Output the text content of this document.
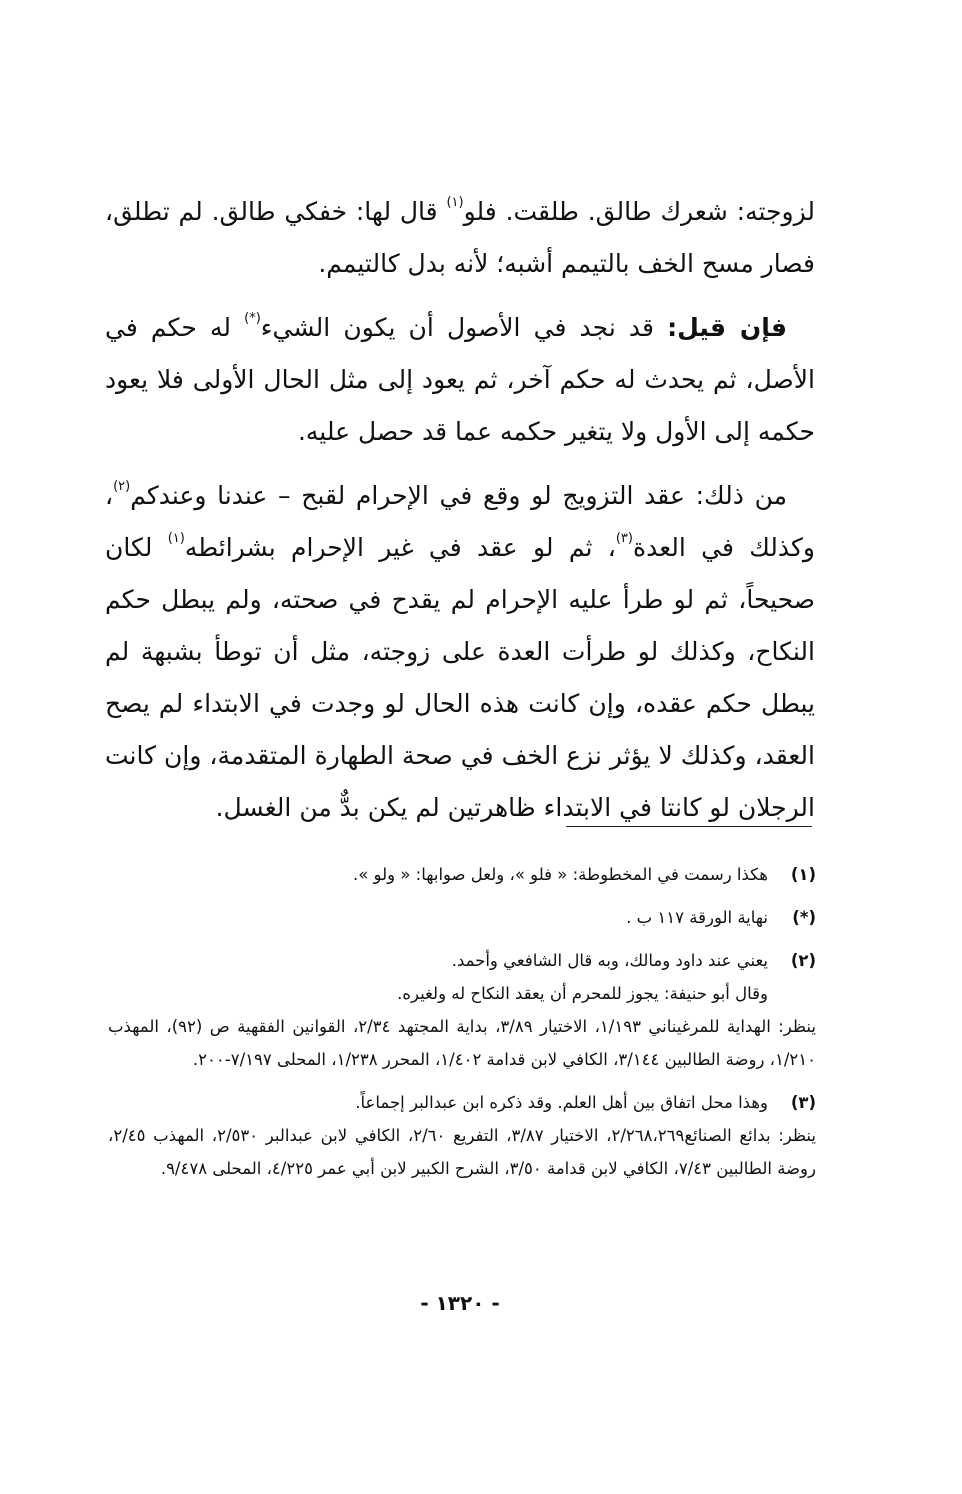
لزوجته: شعرك طالق. طلقت. فلو$^{(١)}$ قال لها: خفكي طالق. لم تطلق، فصار مسح الخف بالتيمم أشبه؛ لأنه بدل كالتيمم.

فإن قيل: قد نجد في الأصول أن يكون الشيء(*) له حكم في الأصل، ثم يحدث له حكم آخر، ثم يعود إلى مثل الحال الأولى فلا يعود حكمه إلى الأول ولا يتغير حكمه عما قد حصل عليه.

من ذلك: عقد التزويج لو وقع في الإحرام لقبح – عندنا وعندكم$^{(٢)}$، وكذلك في العدة$^{(٣)}$، ثم لو عقد في غير الإحرام بشرائطه$^{(١)}$ لكان صحيحاً، ثم لو طرأ عليه الإحرام لم يقدح في صحته، ولم يبطل حكم النكاح، وكذلك لو طرأت العدة على زوجته، مثل أن توطأ بشبهة لم يبطل حكم عقده، وإن كانت هذه الحال لو وجدت في الابتداء لم يصح العقد، وكذلك لا يؤثر نزع الخف في صحة الطهارة المتقدمة، وإن كانت الرجلان لو كانتا في الابتداء ظاهرتين لم يكن بدٌّ من الغسل.

(١)
هكذا رسمت في المخطوطة: « فلو »، ولعل صوابها: « ولو ».
(*)
نهاية الورقة ١١٧ ب .
(٢)
يعني عند داود ومالك، وبه قال الشافعي وأحمد.
وقال أبو حنيفة: يجوز للمحرم أن يعقد النكاح له ولغيره.
ينظر: الهداية للمرغيناني ١/١٩٣، الاختيار ٣/٨٩، بداية المجتهد ٢/٣٤، القوانين الفقهية ص (٩٢)، المهذب ١/٢١٠، روضة الطالبين ٣/١٤٤، الكافي لابن قدامة ١/٤٠٢، المحرر ١/٢٣٨، المحلى ٧/١٩٧-٢٠٠.
(٣)
وهذا محل اتفاق بين أهل العلم. وقد ذكره ابن عبدالبر إجماعاً.
ينظر: بدائع الصنائع٢/٢٦٨،٢٦٩، الاختيار ٣/٨٧، التفريع ٢/٦٠، الكافي لابن عبدالبر ٢/٥٣٠، المهذب ٢/٤٥، روضة الطالبين ٧/٤٣، الكافي لابن قدامة ٣/٥٠، الشرح الكبير لابن أبي عمر ٤/٢٢٥، المحلى ٩/٤٧٨.
- ١٣٢٠ -
